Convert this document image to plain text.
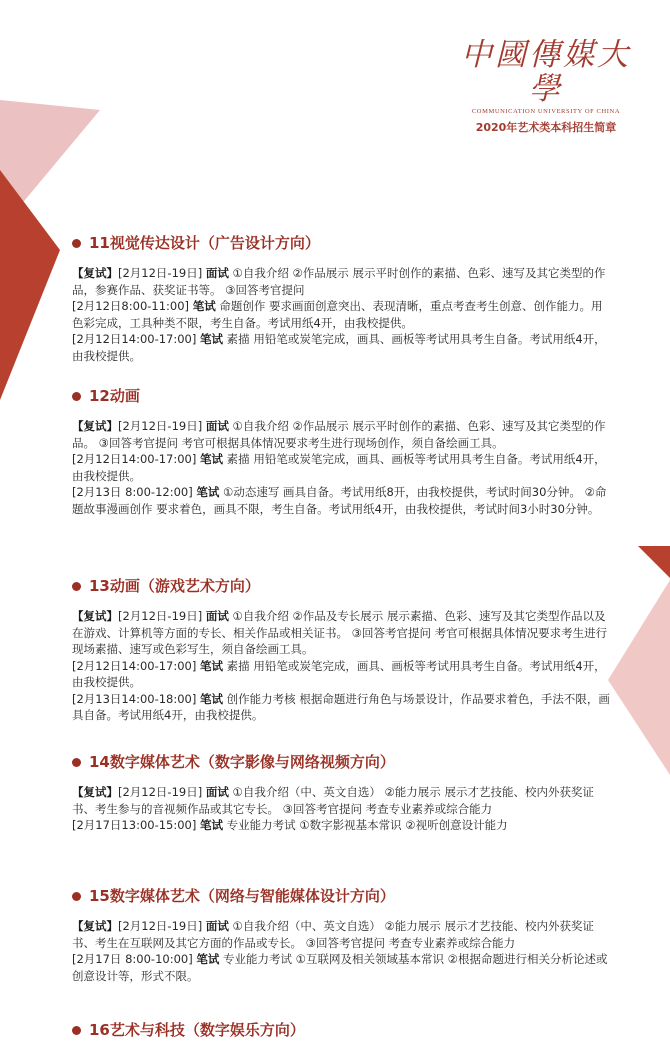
中國傳媒大學
COMMUNICATION UNIVERSITY OF CHINA
2020年艺术类本科招生简章
11视觉传达设计（广告设计方向）
【复试】[2月12日-19日] 面试 ①自我介绍 ②作品展示 展示平时创作的素描、色彩、速写及其它类型的作品，参赛作品、获奖证书等。 ③回答考官提问
[2月12日8:00-11:00] 笔试 命题创作 要求画面创意突出、表现清晰，重点考查考生创意、创作能力。用色彩完成，工具种类不限，考生自备。考试用纸4开，由我校提供。
[2月12日14:00-17:00] 笔试 素描 用铅笔或炭笔完成，画具、画板等考试用具考生自备。考试用纸4开，由我校提供。
12动画
【复试】[2月12日-19日] 面试 ①自我介绍 ②作品展示 展示平时创作的素描、色彩、速写及其它类型的作品。 ③回答考官提问 考官可根据具体情况要求考生进行现场创作，须自备绘画工具。
[2月12日14:00-17:00] 笔试 素描 用铅笔或炭笔完成，画具、画板等考试用具考生自备。考试用纸4开，由我校提供。
[2月13日 8:00-12:00] 笔试 ①动态速写 画具自备。考试用纸8开，由我校提供，考试时间30分钟。 ②命题故事漫画创作 要求着色，画具不限，考生自备。考试用纸4开，由我校提供，考试时间3小时30分钟。
13动画（游戏艺术方向）
【复试】[2月12日-19日] 面试 ①自我介绍 ②作品及专长展示 展示素描、色彩、速写及其它类型作品以及在游戏、计算机等方面的专长、相关作品或相关证书。 ③回答考官提问 考官可根据具体情况要求考生进行现场素描、速写或色彩写生，须自备绘画工具。
[2月12日14:00-17:00] 笔试 素描 用铅笔或炭笔完成，画具、画板等考试用具考生自备。考试用纸4开，由我校提供。
[2月13日14:00-18:00] 笔试 创作能力考核 根据命题进行角色与场景设计，作品要求着色，手法不限，画具自备。考试用纸4开，由我校提供。
14数字媒体艺术（数字影像与网络视频方向）
【复试】[2月12日-19日] 面试 ①自我介绍（中、英文自选） ②能力展示 展示才艺技能、校内外获奖证书、考生参与的音视频作品或其它专长。 ③回答考官提问 考查专业素养或综合能力
[2月17日13:00-15:00] 笔试 专业能力考试 ①数字影视基本常识 ②视听创意设计能力
15数字媒体艺术（网络与智能媒体设计方向）
【复试】[2月12日-19日] 面试 ①自我介绍（中、英文自选） ②能力展示 展示才艺技能、校内外获奖证书、考生在互联网及其它方面的作品或专长。 ③回答考官提问 考查专业素养或综合能力
[2月17日 8:00-10:00] 笔试 专业能力考试 ①互联网及相关领域基本常识 ②根据命题进行相关分析论述或创意设计等，形式不限。
16艺术与科技（数字娱乐方向）
